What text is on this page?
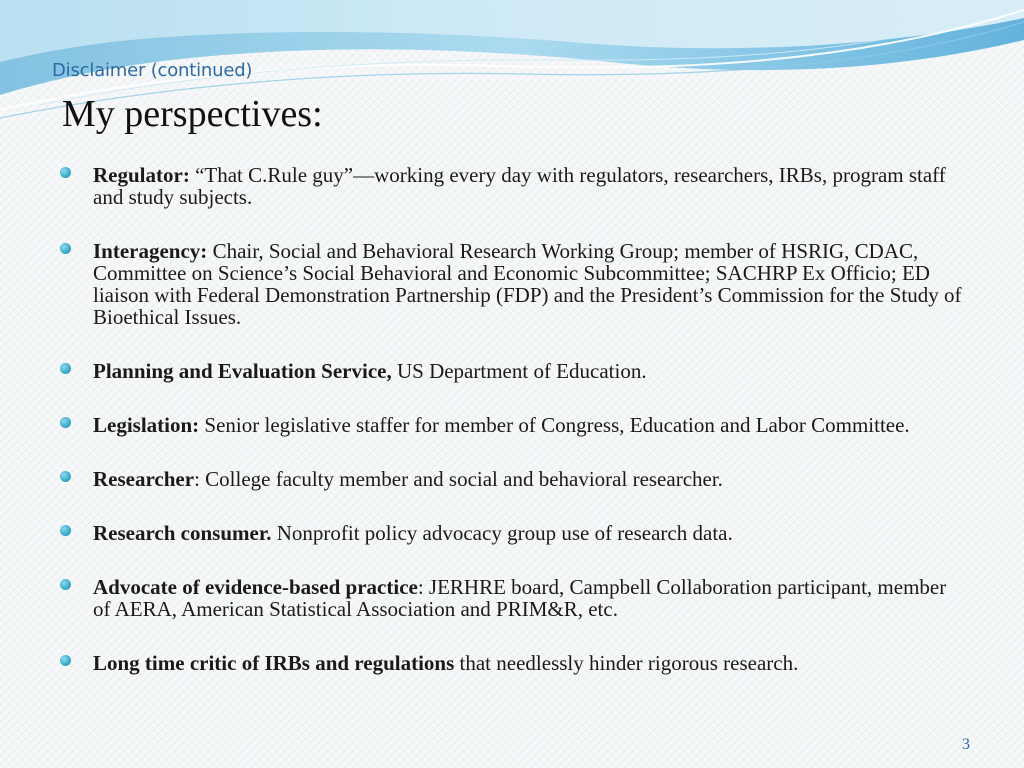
Disclaimer (continued)
My perspectives:
Regulator: “That C.Rule guy”—working every day with regulators, researchers, IRBs, program staff and study subjects.
Interagency: Chair, Social and Behavioral Research Working Group; member of HSRIG, CDAC, Committee on Science’s Social Behavioral and Economic Subcommittee; SACHRP Ex Officio; ED liaison with Federal Demonstration Partnership (FDP) and the President’s Commission for the Study of Bioethical Issues.
Planning and Evaluation Service, US Department of Education.
Legislation: Senior legislative staffer for member of Congress, Education and Labor Committee.
Researcher: College faculty member and social and behavioral researcher.
Research consumer. Nonprofit policy advocacy group use of research data.
Advocate of evidence-based practice: JERHRE board, Campbell Collaboration participant, member of AERA, American Statistical Association and PRIM&R, etc.
Long time critic of IRBs and regulations that needlessly hinder rigorous research.
3
